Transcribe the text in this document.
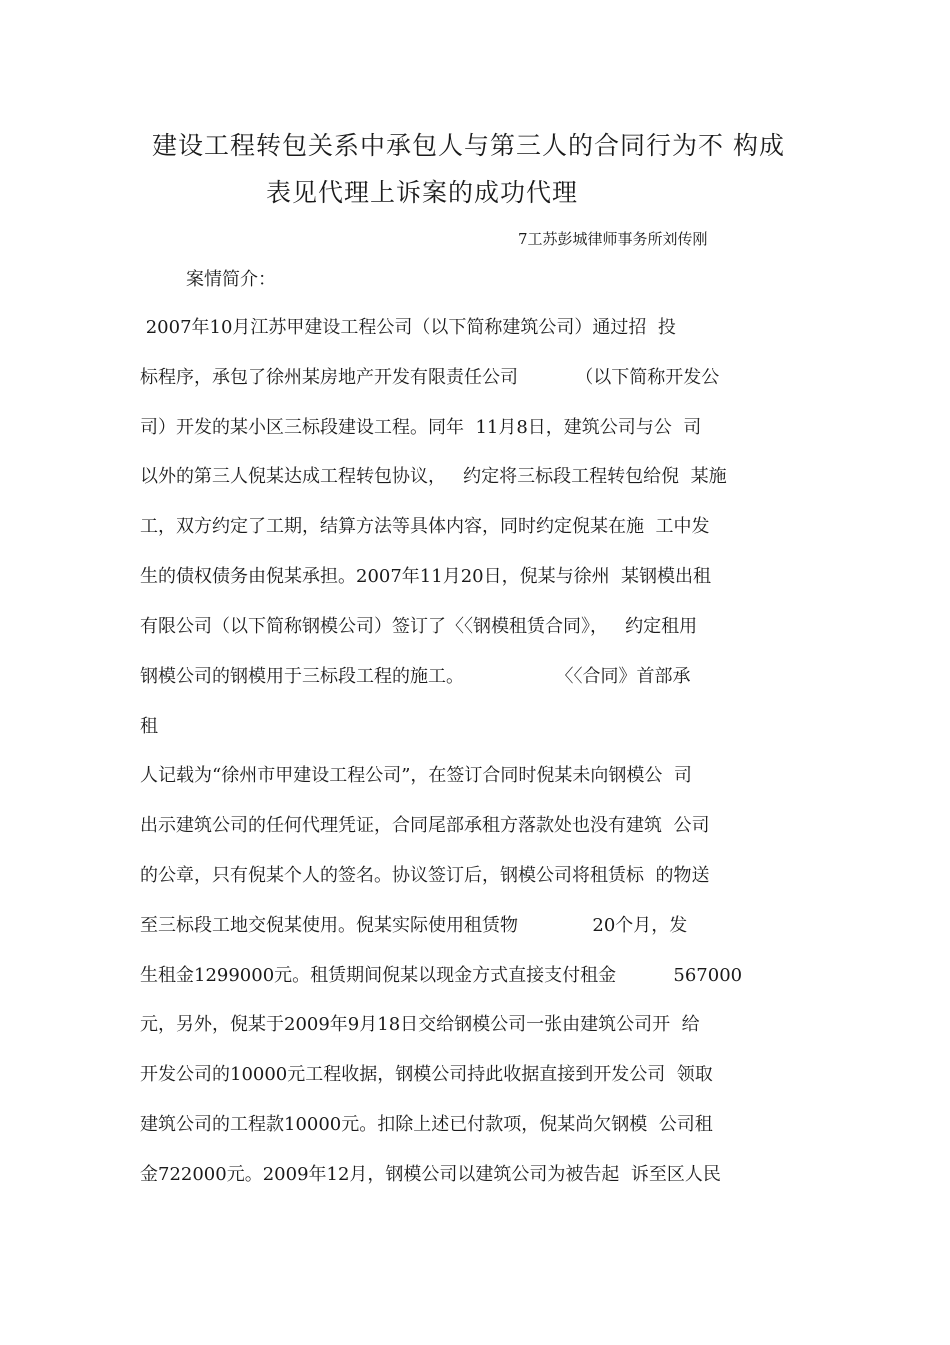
建设工程转包关系中承包人与第三人的合同行为不 构成
表见代理上诉案的成功代理
7工苏彭城律师事务所刘传刚
案情简介：
2007年10月江苏甲建设工程公司（以下简称建筑公司）通过招  投
标程序，承包了徐州某房地产开发有限责任公司          （以下简称开发公
司）开发的某小区三标段建设工程。同年  11月8日，建筑公司与公  司
以外的第三人倪某达成工程转包协议，   约定将三标段工程转包给倪  某施
工，双方约定了工期，结算方法等具体内容，同时约定倪某在施  工中发
生的债权债务由倪某承担。2007年11月20日，倪某与徐州  某钢模出租
有限公司（以下简称钢模公司）签订了〈〈钢模租赁合同》，   约定租用
钢模公司的钢模用于三标段工程的施工。                〈〈合同》首部承
租
人记载为“徐州市甲建设工程公司”，在签订合同时倪某未向钢模公  司
出示建筑公司的任何代理凭证，合同尾部承租方落款处也没有建筑  公司
的公章，只有倪某个人的签名。协议签订后，钢模公司将租赁标  的物送
至三标段工地交倪某使用。倪某实际使用租赁物             20个月，发
生租金1299000元。租赁期间倪某以现金方式直接支付租金          567000
元，另外，倪某于2009年9月18日交给钢模公司一张由建筑公司开  给
开发公司的10000元工程收据，钢模公司持此收据直接到开发公司  领取
建筑公司的工程款10000元。扣除上述已付款项，倪某尚欠钢模  公司租
金722000元。2009年12月，钢模公司以建筑公司为被告起  诉至区人民
